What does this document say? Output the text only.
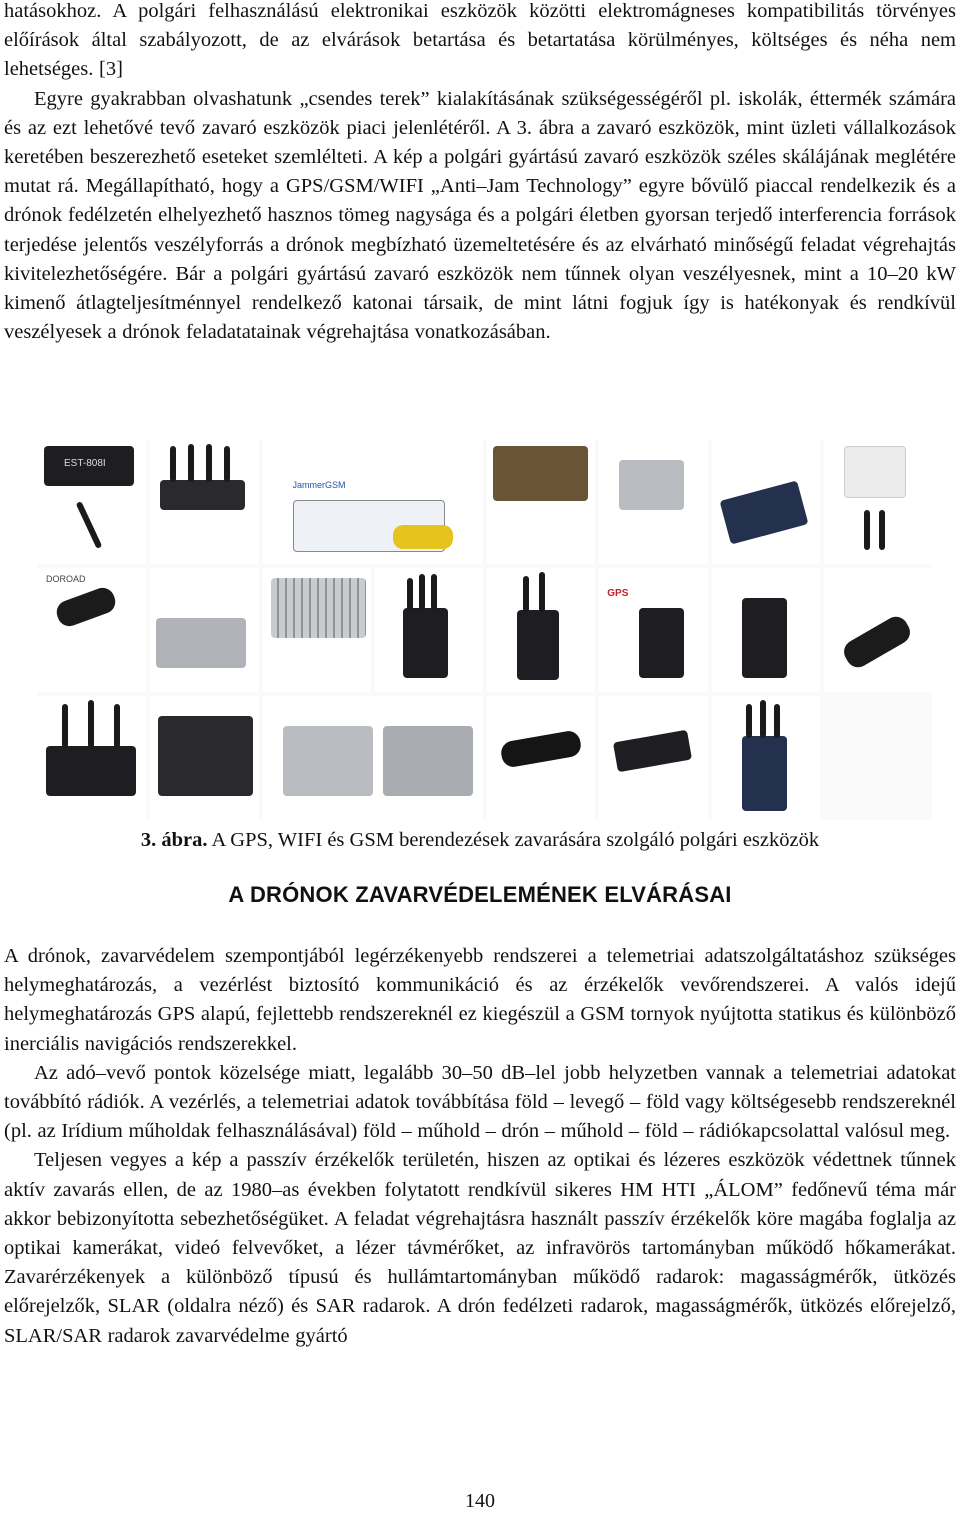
hatásokhoz. A polgári felhasználású elektronikai eszközök közötti elektromágneses kompatibilitás törvényes előírások által szabályozott, de az elvárások betartása és betartatása körülményes, költséges és néha nem lehetséges. [3]
Egyre gyakrabban olvashatunk „csendes terek” kialakításának szükségességéről pl. iskolák, éttermék számára és az ezt lehetővé tevő zavaró eszközök piaci jelenlétéről. A 3. ábra a zavaró eszközök, mint üzleti vállalkozások keretében beszerezhető eseteket szemlélteti. A kép a polgári gyártású zavaró eszközök széles skálájának meglétére mutat rá. Megállapítható, hogy a GPS/GSM/WIFI „Anti–Jam Technology” egyre bővülő piaccal rendelkezik és a drónok fedélzetén elhelyezhető hasznos tömeg nagysága és a polgári életben gyorsan terjedő interferencia források terjedése jelentős veszélyforrás a drónok megbízható üzemeltetésére és az elvárható minőségű feladat végrehajtás kivitelezhetőségére. Bár a polgári gyártású zavaró eszközök nem tűnnek olyan veszélyesnek, mint a 10–20 kW kimenő átlagteljesítménnyel rendelkező katonai társaik, de mint látni fogjuk így is hatékonyak és rendkívül veszélyesek a drónok feladatatainak végrehajtása vonatkozásában.

EST-808I
JammerGSM
DOROAD
GPS
3. ábra. A GPS, WIFI és GSM berendezések zavarására szolgáló polgári eszközök
A DRÓNOK ZAVARVÉDELEMÉNEK ELVÁRÁSAI

A drónok, zavarvédelem szempontjából legérzékenyebb rendszerei a telemetriai adatszolgáltatáshoz szükséges helymeghatározás, a vezérlést biztosító kommunikáció és az érzékelők vevőrendszerei. A valós idejű helymeghatározás GPS alapú, fejlettebb rendszereknél ez kiegészül a GSM tornyok nyújtotta statikus és különböző inerciális navigációs rendszerekkel.

Az adó–vevő pontok közelsége miatt, legalább 30–50 dB–lel jobb helyzetben vannak a telemetriai adatokat továbbító rádiók. A vezérlés, a telemetriai adatok továbbítása föld – levegő – föld vagy költségesebb rendszereknél (pl. az Irídium műholdak felhasználásával) föld – műhold – drón – műhold – föld – rádiókapcsolattal valósul meg.

Teljesen vegyes a kép a passzív érzékelők területén, hiszen az optikai és lézeres eszközök védettnek tűnnek aktív zavarás ellen, de az 1980–as években folytatott rendkívül sikeres HM HTI „ÁLOM” fedőnevű téma már akkor bebizonyította sebezhetőségüket. A feladat végrehajtásra használt passzív érzékelők köre magába foglalja az optikai kamerákat, videó felvevőket, a lézer távmérőket, az infravörös tartományban működő hőkamerákat. Zavarérzékenyek a különböző típusú és hullámtartományban működő radarok: magasságmérők, ütközés előrejelzők, SLAR (oldalra néző) és SAR radarok. A drón fedélzeti radarok, magasságmérők, ütközés előrejelző, SLAR/SAR radarok zavarvédelme gyártó

140
